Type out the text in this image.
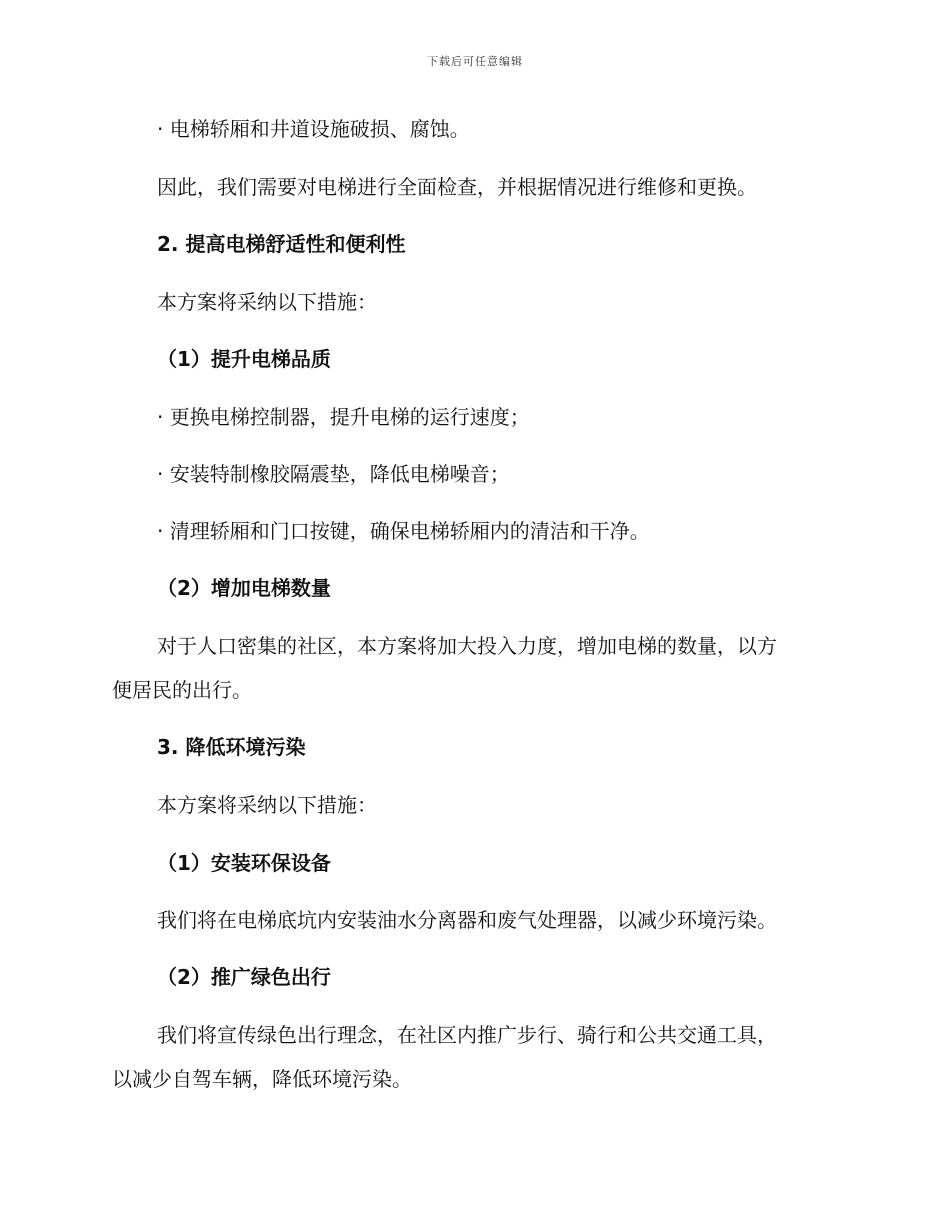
下载后可任意编辑
· 电梯轿厢和井道设施破损、腐蚀。
因此，我们需要对电梯进行全面检查，并根据情况进行维修和更换。
2. 提高电梯舒适性和便利性
本方案将采纳以下措施：
（1）提升电梯品质
· 更换电梯控制器，提升电梯的运行速度；
· 安装特制橡胶隔震垫，降低电梯噪音；
· 清理轿厢和门口按键，确保电梯轿厢内的清洁和干净。
（2）增加电梯数量
对于人口密集的社区，本方案将加大投入力度，增加电梯的数量，以方
便居民的出行。
3. 降低环境污染
本方案将采纳以下措施：
（1）安装环保设备
我们将在电梯底坑内安装油水分离器和废气处理器，以减少环境污染。
（2）推广绿色出行
我们将宣传绿色出行理念，在社区内推广步行、骑行和公共交通工具，
以减少自驾车辆，降低环境污染。
